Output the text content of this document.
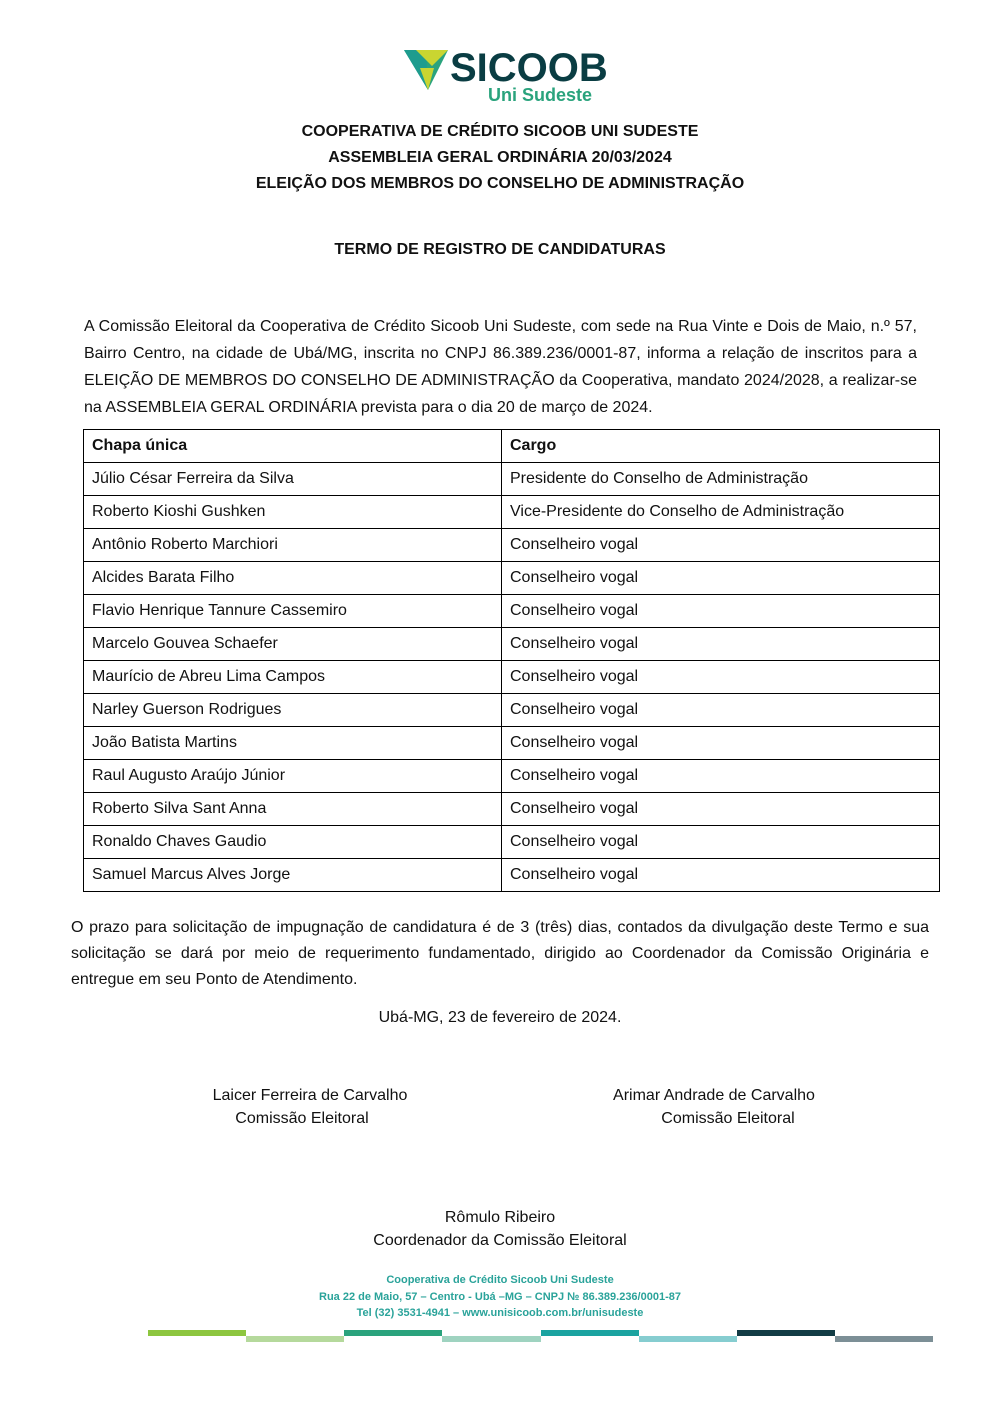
SICOOB
Uni Sudeste
COOPERATIVA DE CRÉDITO SICOOB UNI SUDESTE
ASSEMBLEIA GERAL ORDINÁRIA 20/03/2024
ELEIÇÃO DOS MEMBROS DO CONSELHO DE ADMINISTRAÇÃO
TERMO DE REGISTRO DE CANDIDATURAS
A Comissão Eleitoral da Cooperativa de Crédito Sicoob Uni Sudeste, com sede na Rua Vinte e Dois de Maio, n.º 57, Bairro Centro, na cidade de Ubá/MG, inscrita no CNPJ 86.389.236/0001-87, informa a relação de inscritos para a ELEIÇÃO DE MEMBROS DO CONSELHO DE ADMINISTRAÇÃO da Cooperativa, mandato 2024/2028, a realizar-se na ASSEMBLEIA GERAL ORDINÁRIA prevista para o dia 20 de março de 2024.
Chapa única	Cargo
Júlio César Ferreira da Silva	Presidente do Conselho de Administração
Roberto Kioshi Gushken	Vice-Presidente do Conselho de Administração
Antônio Roberto Marchiori	Conselheiro vogal
Alcides Barata Filho	Conselheiro vogal
Flavio Henrique Tannure Cassemiro	Conselheiro vogal
Marcelo Gouvea Schaefer	Conselheiro vogal
Maurício de Abreu Lima Campos	Conselheiro vogal
Narley Guerson Rodrigues	Conselheiro vogal
João Batista Martins	Conselheiro vogal
Raul Augusto Araújo Júnior	Conselheiro vogal
Roberto Silva Sant Anna	Conselheiro vogal
Ronaldo Chaves Gaudio	Conselheiro vogal
Samuel Marcus Alves Jorge	Conselheiro vogal
O prazo para solicitação de impugnação de candidatura é de 3 (três) dias, contados da divulgação deste Termo e sua solicitação se dará por meio de requerimento fundamentado, dirigido ao Coordenador da Comissão Originária e entregue em seu Ponto de Atendimento.
Ubá-MG, 23 de fevereiro de 2024.
Laicer Ferreira de Carvalho
Comissão Eleitoral
Arimar Andrade de Carvalho
Comissão Eleitoral
Rômulo Ribeiro
Coordenador da Comissão Eleitoral
Cooperativa de Crédito Sicoob Uni Sudeste
Rua 22 de Maio, 57 – Centro - Ubá –MG – CNPJ № 86.389.236/0001-87
Tel (32) 3531-4941 – www.unisicoob.com.br/unisudeste
